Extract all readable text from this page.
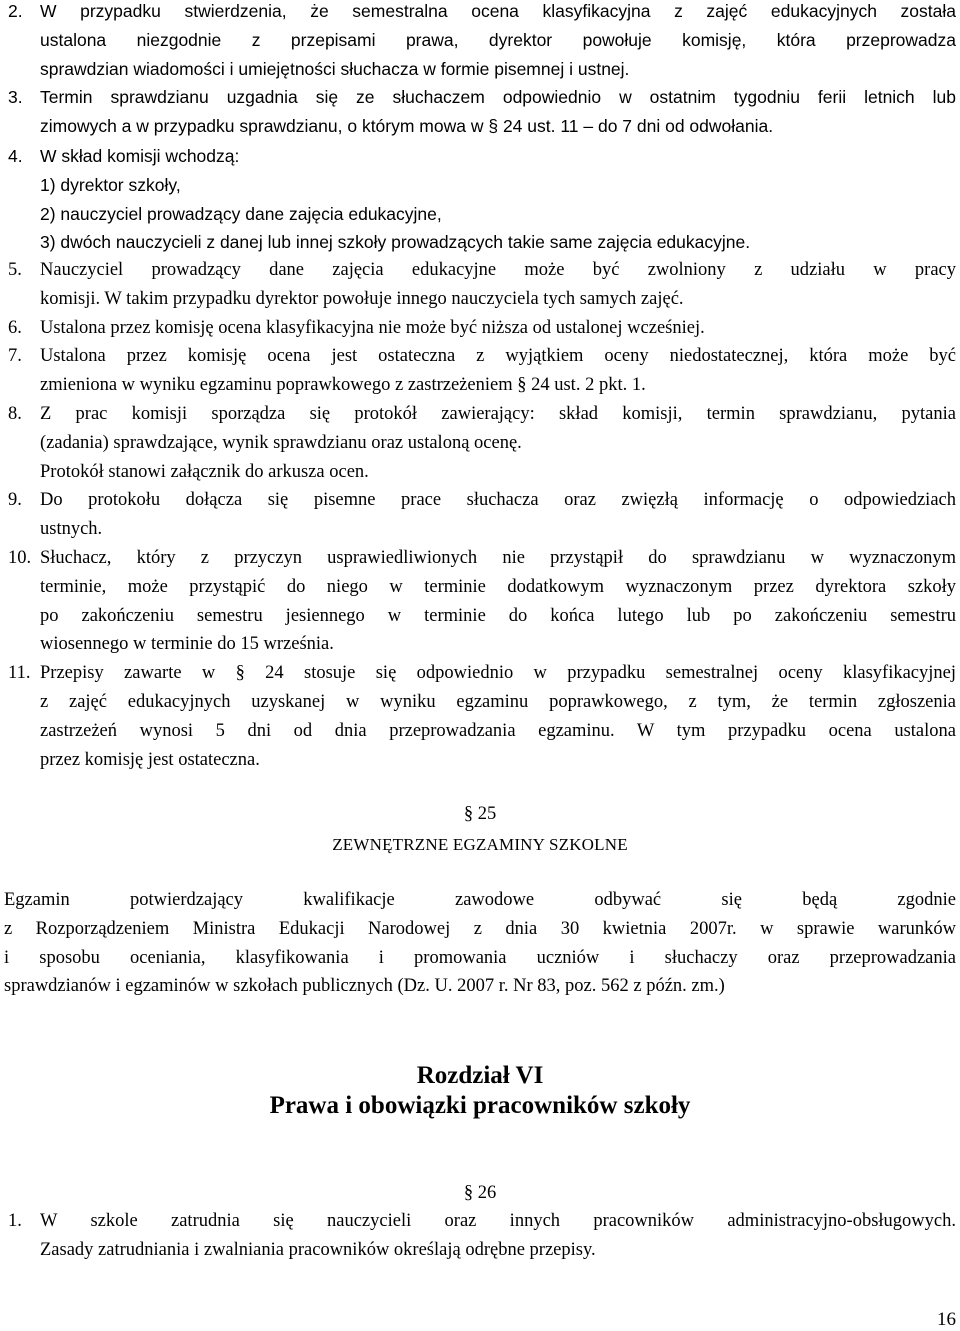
§ 25
ZEWNĘTRZNE EGZAMINY SZKOLNE
Rozdział VI
Prawa i obowiązki pracowników szkoły
§ 26
16
2. W przypadku stwierdzenia, że semestralna ocena klasyfikacyjna z zajęć edukacyjnych została
ustalona niezgodnie z przepisami prawa, dyrektor powołuje komisję, która przeprowadza
sprawdzian wiadomości i umiejętności słuchacza w formie pisemnej i ustnej.
3. Termin sprawdzianu uzgadnia się ze słuchaczem odpowiednio w ostatnim tygodniu ferii letnich lub
zimowych a w przypadku sprawdzianu, o którym mowa w § 24 ust. 11 – do 7 dni od odwołania.
4. W skład komisji wchodzą:
1) dyrektor szkoły,
2) nauczyciel prowadzący dane zajęcia edukacyjne,
3) dwóch nauczycieli z danej lub innej szkoły prowadzących takie same zajęcia edukacyjne.
5. Nauczyciel prowadzący dane zajęcia edukacyjne może być zwolniony z udziału w pracy
komisji. W takim przypadku dyrektor powołuje innego nauczyciela tych samych zajęć.
6. Ustalona przez komisję ocena klasyfikacyjna nie może być niższa od ustalonej wcześniej.
7. Ustalona przez komisję ocena jest ostateczna z wyjątkiem oceny niedostatecznej, która może być
zmieniona w wyniku egzaminu poprawkowego z zastrzeżeniem § 24 ust. 2 pkt. 1.
8. Z prac komisji sporządza się protokół zawierający: skład komisji, termin sprawdzianu, pytania
(zadania) sprawdzające, wynik sprawdzianu oraz ustaloną ocenę.
Protokół stanowi załącznik do arkusza ocen.
9. Do protokołu dołącza się pisemne prace słuchacza oraz zwięzłą informację o odpowiedziach
ustnych.
10. Słuchacz, który z przyczyn usprawiedliwionych nie przystąpił do sprawdzianu w wyznaczonym
terminie, może przystąpić do niego w terminie dodatkowym wyznaczonym przez dyrektora szkoły
po zakończeniu semestru jesiennego w terminie do końca lutego lub po zakończeniu semestru
wiosennego w terminie do 15 września.
11. Przepisy zawarte w § 24 stosuje się odpowiednio w przypadku semestralnej oceny klasyfikacyjnej
z zajęć edukacyjnych uzyskanej w wyniku egzaminu poprawkowego, z tym, że termin zgłoszenia
zastrzeżeń wynosi 5 dni od dnia przeprowadzania egzaminu. W tym przypadku ocena ustalona
przez komisję jest ostateczna.
Egzamin potwierdzający kwalifikacje zawodowe odbywać się będą zgodnie
z Rozporządzeniem Ministra Edukacji Narodowej z dnia 30 kwietnia 2007r. w sprawie warunków
i sposobu oceniania, klasyfikowania i promowania uczniów i słuchaczy oraz przeprowadzania
sprawdzianów i egzaminów w szkołach publicznych (Dz. U. 2007 r. Nr 83, poz. 562 z późn. zm.)
1. W szkole zatrudnia się nauczycieli oraz innych pracowników administracyjno-obsługowych.
Zasady zatrudniania i zwalniania pracowników określają odrębne przepisy.
